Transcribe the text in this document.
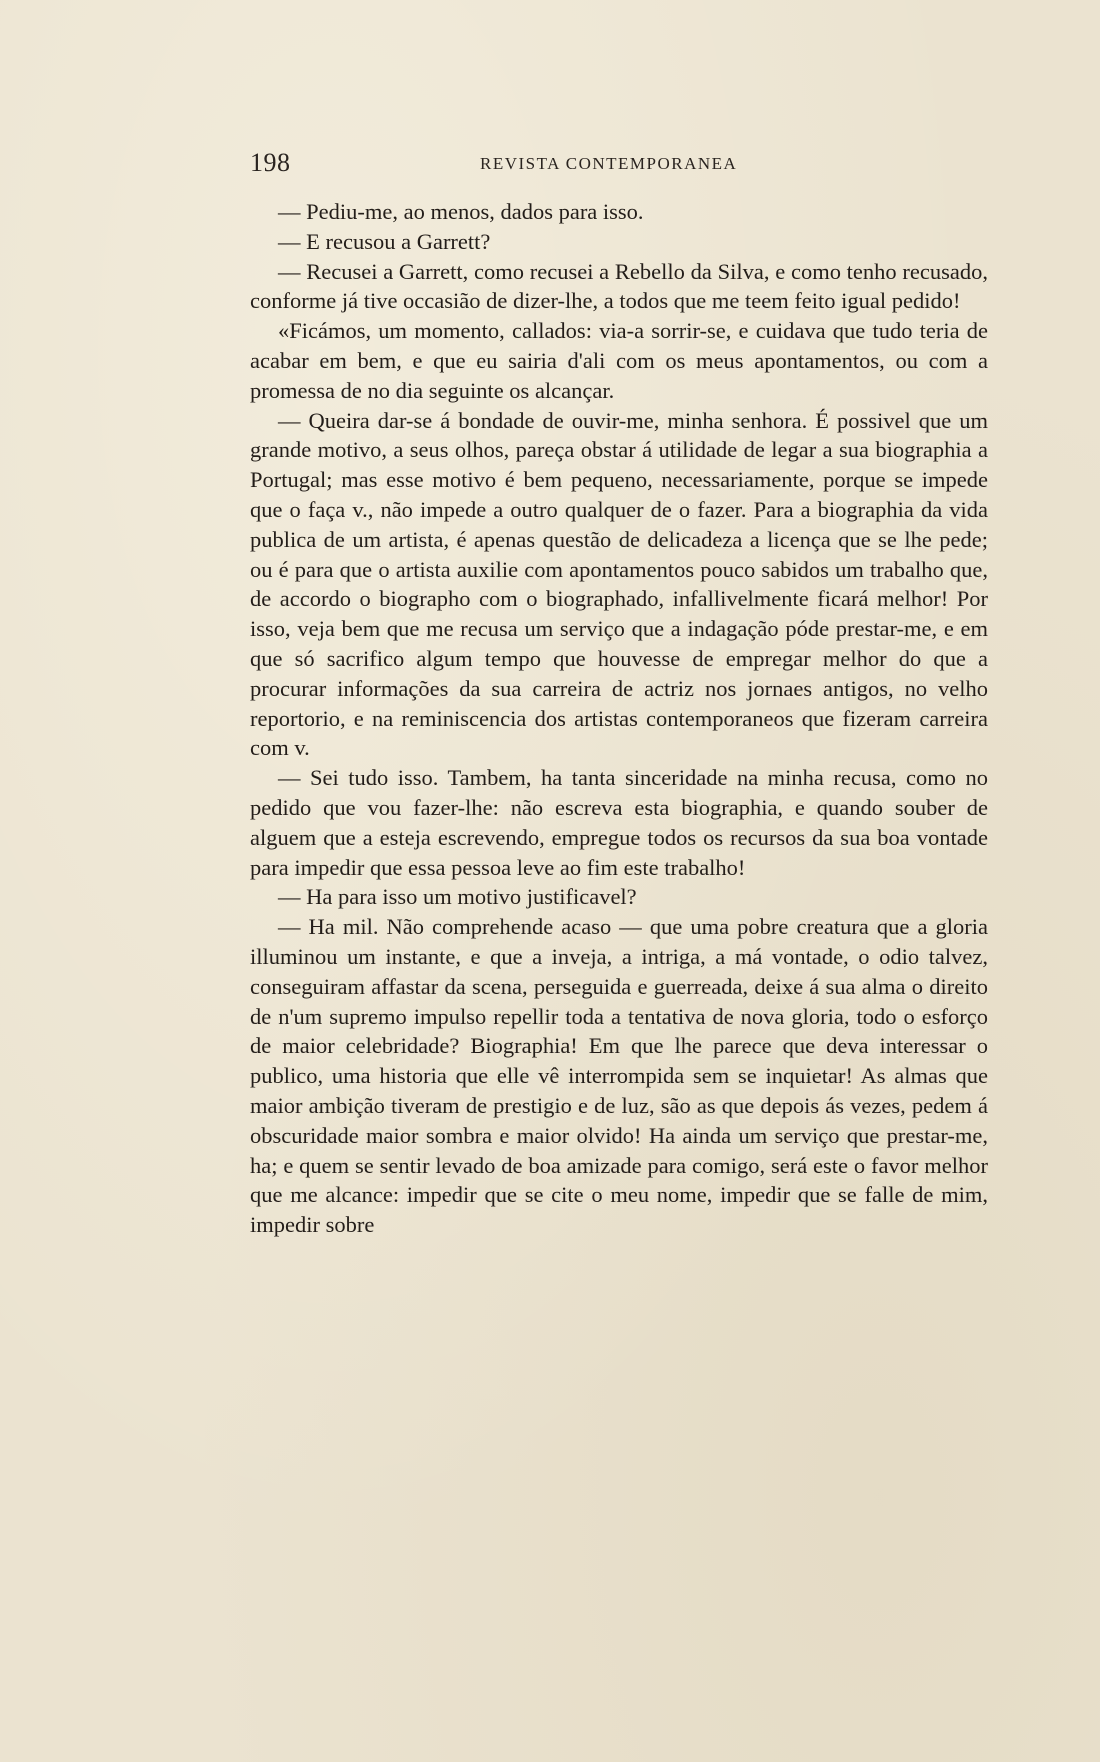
198	REVISTA CONTEMPORANEA

— Pediu-me, ao menos, dados para isso.

— E recusou a Garrett?

— Recusei a Garrett, como recusei a Rebello da Silva, e como tenho recusado, conforme já tive occasião de dizer-lhe, a todos que me teem feito igual pedido!

«Ficámos, um momento, callados: via-a sorrir-se, e cuidava que tudo teria de acabar em bem, e que eu sairia d'ali com os meus apontamentos, ou com a promessa de no dia seguinte os alcançar.

— Queira dar-se á bondade de ouvir-me, minha senhora. É possivel que um grande motivo, a seus olhos, pareça obstar á utilidade de legar a sua biographia a Portugal; mas esse motivo é bem pequeno, necessariamente, porque se impede que o faça v., não impede a outro qualquer de o fazer. Para a biographia da vida publica de um artista, é apenas questão de delicadeza a licença que se lhe pede; ou é para que o artista auxilie com apontamentos pouco sabidos um trabalho que, de accordo o biographo com o biographado, infallivelmente ficará melhor! Por isso, veja bem que me recusa um serviço que a indagação póde prestar-me, e em que só sacrifico algum tempo que houvesse de empregar melhor do que a procurar informações da sua carreira de actriz nos jornaes antigos, no velho reportorio, e na reminiscencia dos artistas contemporaneos que fizeram carreira com v.

— Sei tudo isso. Tambem, ha tanta sinceridade na minha recusa, como no pedido que vou fazer-lhe: não escreva esta biographia, e quando souber de alguem que a esteja escrevendo, empregue todos os recursos da sua boa vontade para impedir que essa pessoa leve ao fim este trabalho!

— Ha para isso um motivo justificavel?

— Ha mil. Não comprehende acaso — que uma pobre creatura que a gloria illuminou um instante, e que a inveja, a intriga, a má vontade, o odio talvez, conseguiram affastar da scena, perseguida e guerreada, deixe á sua alma o direito de n'um supremo impulso repellir toda a tentativa de nova gloria, todo o esforço de maior celebridade? Biographia! Em que lhe parece que deva interessar o publico, uma historia que elle vê interrompida sem se inquietar! As almas que maior ambição tiveram de prestigio e de luz, são as que depois ás vezes, pedem á obscuridade maior sombra e maior olvido! Ha ainda um serviço que prestar-me, ha; e quem se sentir levado de boa amizade para comigo, será este o favor melhor que me alcance: impedir que se cite o meu nome, impedir que se falle de mim, impedir sobre
